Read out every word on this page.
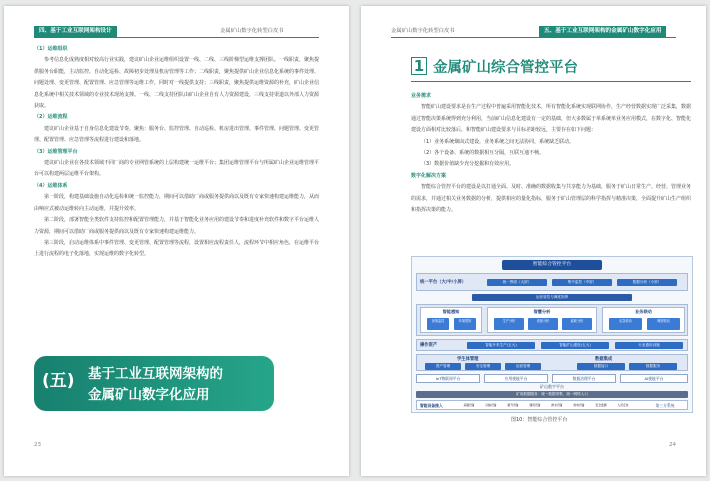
四、基于工业互联网架构设计	金属矿山数字化转型白皮书

（1）运维组织

参考信息化成熟度相对较高行业实践，建议矿山企业运维组织设置一线、二线、三线阶梯型运维支撑团队。一线职责，聚焦提供服务台职能，主动监控、自动化巡检、故障初步处理及机房管理等工作；二线职责，聚焦提供矿山企业信息化系统的事件处理、问题处理、变更管理、配置管理、应急管理等运维工作，同时对一线提供支持；三线职责，聚焦提供运维资源的补充，矿山企业信息化系统中相关技术领域的专业技术现场支撑。一线、二线支持团队由矿山企业自有人力资源建设，三线支持渠道以外部人力资源获取。

（2）运维流程

建议矿山企业基于自身信息化建设节奏，聚焦：服务台、监控管理、自动巡检、机房进出管理、事件管理、问题管理、变更管理、配置管理、应急管理等流程进行建设和落地。

（3）运维管理平台

建议矿山企业在各技术领域不同厂商的专业网管系统的上层构建统一运维平台；集团运维管理平台与所属矿山企业运维管理平台可以构建两层运维平台架构。

（4）运维体系

第一阶段，构建基础设施自动化巡检和统一监控能力，期间可以借助厂商或服务提供商以及既有专家快速构建运维能力，从而由响应式被动运维转向主动运维，并提升效率。

第二阶段，部署智能全类软件支持监控和配置管理能力，并基于智能化业务应用的建设节奏和进度补充软件和数字平台运维人力资源，期间可以借助厂商或服务提供商以及既有专家快速构建运维能力。

第三阶段，启动运维体系中事件管理、变更管理、配置管理等流程，设置相应流程责任人，流程环节中相应角色，在运维平台上进行流程的电子化落地，实现运维的数字化转型。

(五) 基于工业互联网架构的
金属矿山数字化应用
23
金属矿山数字化转型白皮书	五、基于工业互联网架构的金属矿山数字化应用
1 金属矿山综合管控平台

业务需求

智能矿山建设要求是在生产过程中普遍采用智能化技术，所有智能化系统实现联网协作，生产经营数据实现广泛采集，数据通过智能决策系统得到充分利用，当前矿山信息化建设有一定的基础，但大多数属于单系统单业务应用模式，在数字化、智能化建设方面相对比较落后，和智能矿山建设要求与目标差距较远，主要存在如下问题：

（1）业务系统烟囱式建设，业务系统之间无法协同，系统缺乏联动。

（2）各个设备、系统的数据相互分隔，互联互通不畅。

（3）数据价值缺少充分挖掘和有效应用。

数字化解决方案

智能综合管控平台的建设是以打通全面、及时、准确的数据收集与共享能力为基础，服务于矿山日常生产、经营、管理业务的需求，并通过相关业务数据的分析，提供相应的量化指标，服务于矿山管理层的科学指挥与精准决策，全面提升矿山生产组织和指挥决策的能力。

智能综合管控平台
统一平台（大/中/小屏）	统一界面（大屏）	集中监控（中屏）	数据分析（小屏）
运营管控与调度指挥
智能感知
视频监控	环境感知
智慧分析
生产分析	设备分析	能耗分析
业务联动
应急联动	调度联动
操作资产	智能开采生产(五大)	智能矿山建设(五大)	行业通用设施
学生体管理
资产管理	安全管理	运营管理
数据集成
数据接口	数据服务
IoT物联网平台	应用使能平台	数据治理平台	AI使能平台
矿山数字平台
矿用数据服务：统一数据采集、统一网络入口
智能设备接入	采掘设备	运输设备	提升设备	通风设备	排水设备	供电设备	安全监测	人员定位	第三方系统
图10：智能综合管控平台
24
